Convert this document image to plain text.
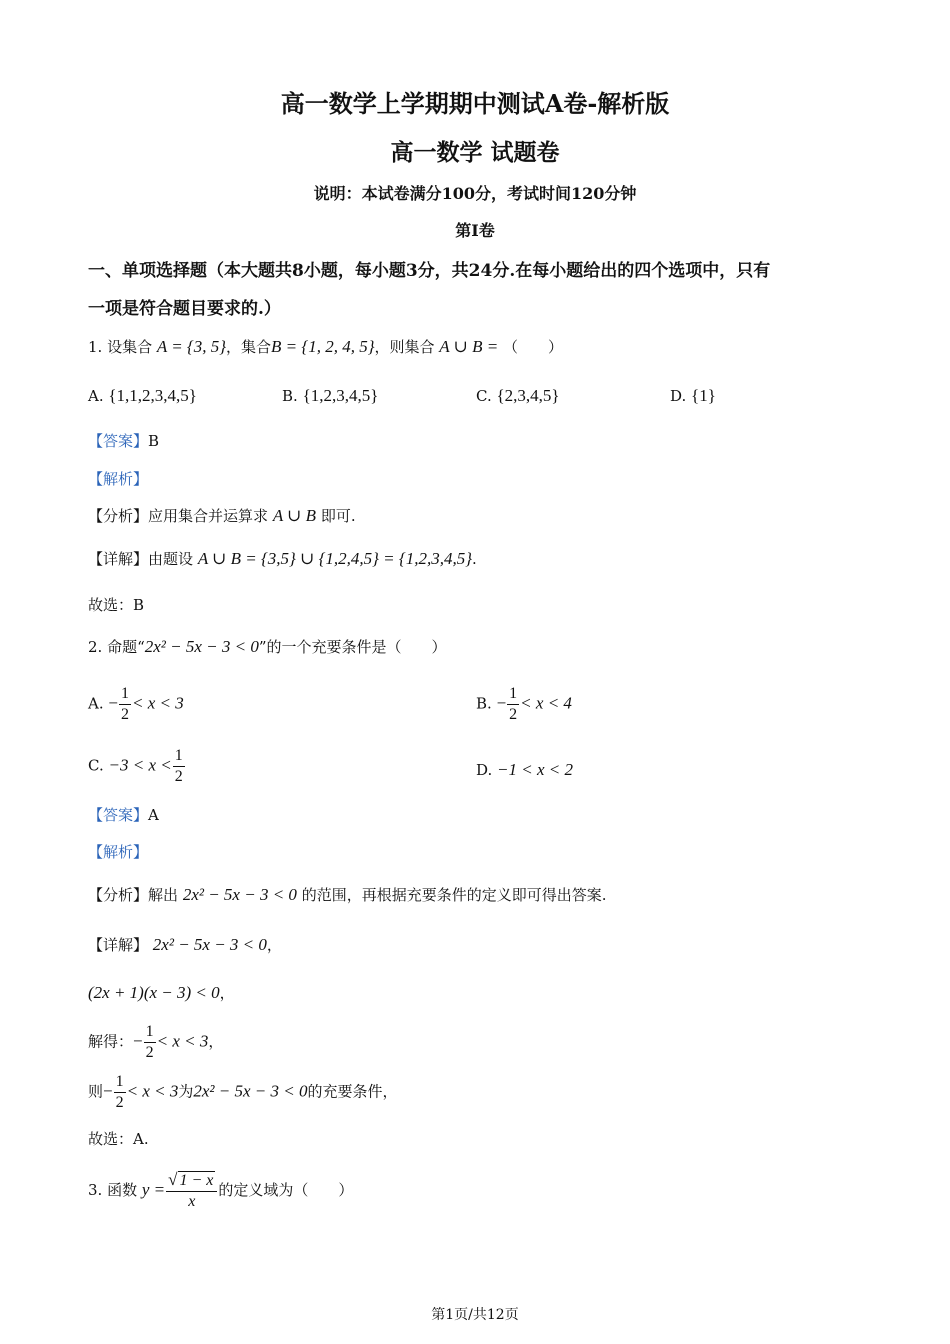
高一数学上学期期中测试A卷-解析版
高一数学 试题卷
说明：本试卷满分100分，考试时间120分钟
第I卷
一、单项选择题（本大题共8小题，每小题3分，共24分.在每小题给出的四个选项中，只有
一项是符合题目要求的.）
1. 设集合 A = {3, 5}，集合B = {1, 2, 4, 5}，则集合 A ∪ B = （　　）
A. {1,1,2,3,4,5}	B. {1,2,3,4,5}	C. {2,3,4,5}	D. {1}
【答案】B
【解析】
【分析】应用集合并运算求 A ∪ B 即可.
【详解】由题设 A ∪ B = {3,5} ∪ {1,2,4,5} = {1,2,3,4,5}.
故选：B
2. 命题“2x² − 5x − 3 < 0”的一个充要条件是（　　）
A. − $\frac{1}{2} < x < 3$	B. − $\frac{1}{2} < x < 4$
C. $-3 < x < \frac{1}{2}$	D. −1 < x < 2
【答案】A
【解析】
【分析】解出 2x² − 5x − 3 < 0 的范围，再根据充要条件的定义即可得出答案.
【详解】 2x² − 5x − 3 < 0，
(2x + 1)(x − 3) < 0，
解得：− $\frac{1}{2} < x < 3$，
则− $\frac{1}{2} < x < 3$为2x² − 5x − 3 < 0的充要条件，
故选：A.
3. 函数 $y = \frac{√ 1 - x}{x}$ 的定义域为（　　）
第1页/共12页
